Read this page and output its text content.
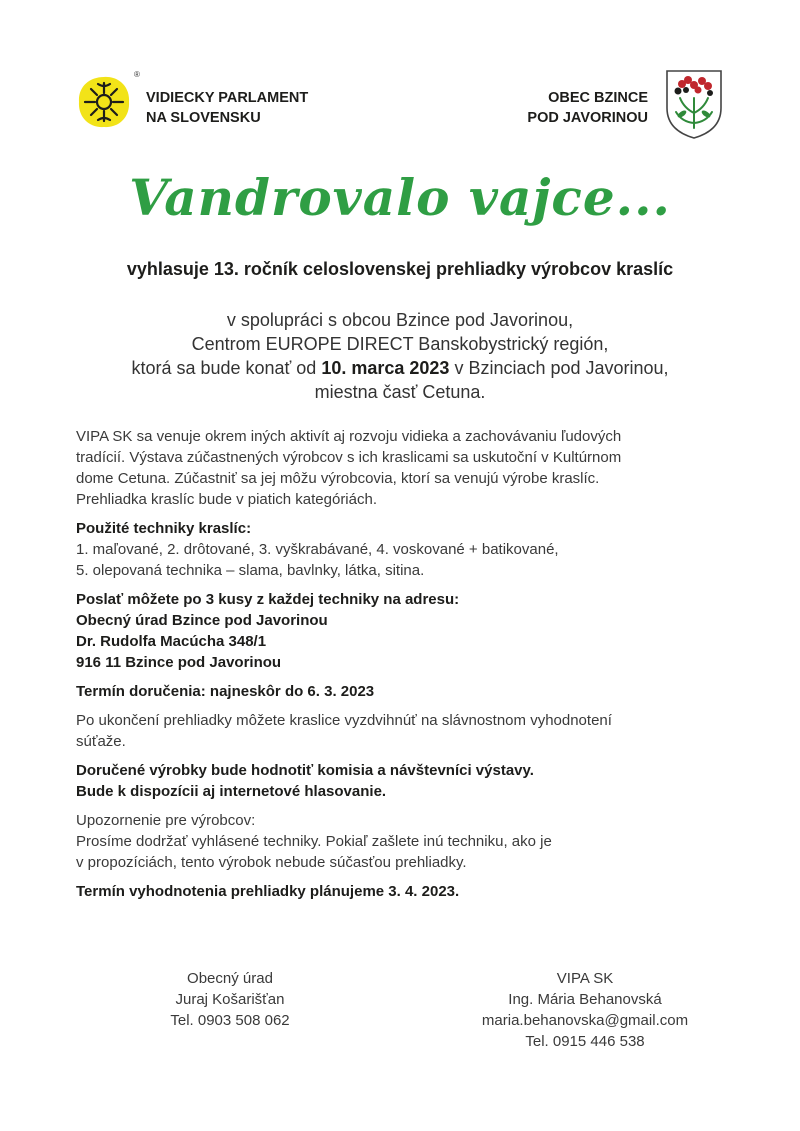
®
VIDIECKY PARLAMENT
NA SLOVENSKU
OBEC BZINCE
POD JAVORINOU
Vandrovalo vajce...
vyhlasuje 13. ročník celoslovenskej prehliadky výrobcov kraslíc

v spolupráci s obcou Bzince pod Javorinou,

Centrom EUROPE DIRECT Banskobystrický región,

ktorá sa bude konať od 10. marca 2023 v Bzinciach pod Javorinou,

miestna časť Cetuna.

VIPA SK sa venuje okrem iných aktivít aj rozvoju vidieka a zachovávaniu ľudových

tradícií. Výstava zúčastnených výrobcov s ich kraslicami sa uskutoční v Kultúrnom

dome Cetuna. Zúčastniť sa jej môžu výrobcovia, ktorí sa venujú výrobe kraslíc.

Prehliadka kraslíc bude v piatich kategóriách.

Použité techniky kraslíc:

1. maľované, 2. drôtované, 3. vyškrabávané, 4. voskované + batikované,

5. olepovaná technika – slama, bavlnky, látka, sitina.

Poslať môžete po 3 kusy z každej techniky na adresu:

Obecný úrad Bzince pod Javorinou

Dr. Rudolfa Macúcha 348/1

916 11 Bzince pod Javorinou

Termín doručenia: najneskôr do 6. 3. 2023

Po ukončení prehliadky môžete kraslice vyzdvihnúť na slávnostnom vyhodnotení

súťaže.

Doručené výrobky bude hodnotiť komisia a návštevníci výstavy.

Bude k dispozícii aj internetové hlasovanie.

Upozornenie pre výrobcov:

Prosíme dodržať vyhlásené techniky. Pokiaľ zašlete inú techniku, ako je

v propozíciách, tento výrobok nebude súčasťou prehliadky.

Termín vyhodnotenia prehliadky plánujeme 3. 4. 2023.

Obecný úrad

Juraj Košarišťan

Tel. 0903 508 062

VIPA SK

Ing. Mária Behanovská

maria.behanovska@gmail.com

Tel. 0915 446 538
